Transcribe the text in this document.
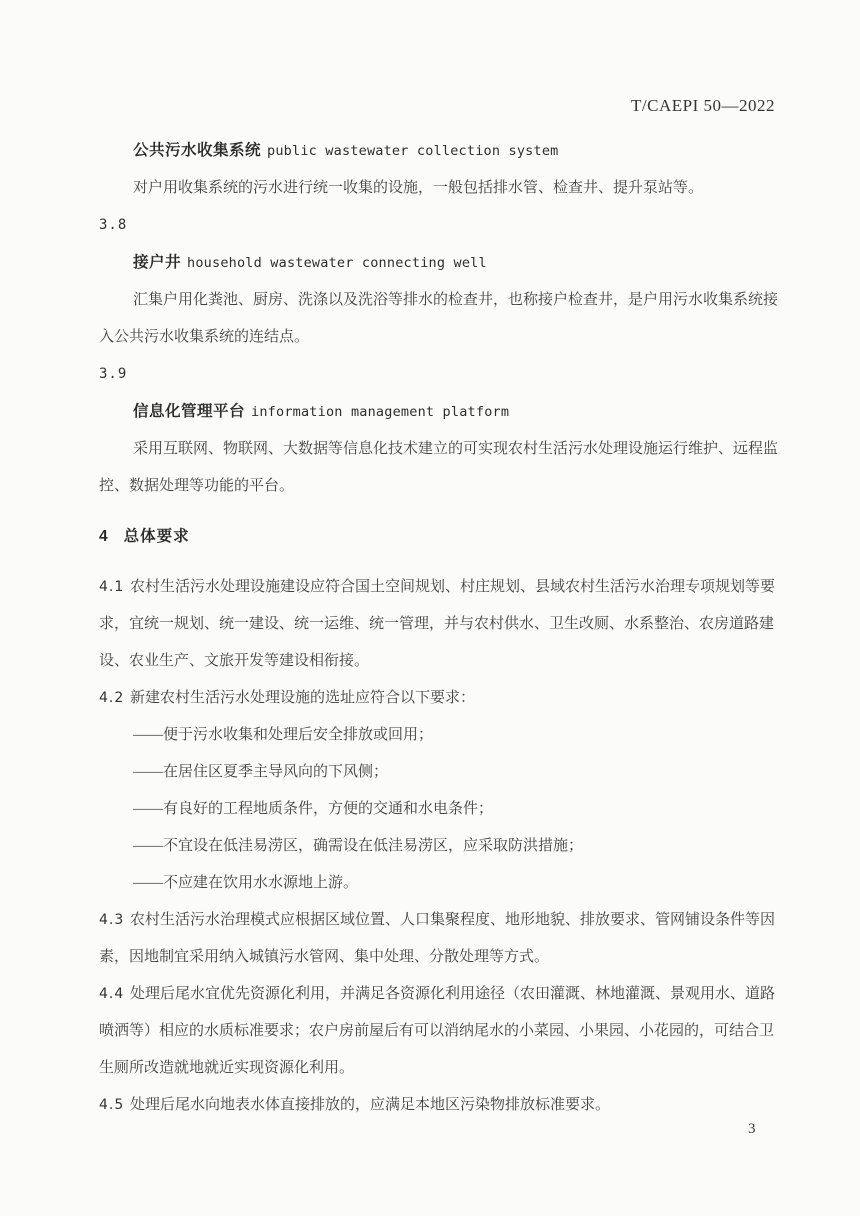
T/CAEPI 50—2022
公共污水收集系统 public wastewater collection system
对户用收集系统的污水进行统一收集的设施，一般包括排水管、检查井、提升泵站等。
3.8
接户井 household wastewater connecting well
汇集户用化粪池、厨房、洗涤以及洗浴等排水的检查井，也称接户检查井，是户用污水收集系统接
入公共污水收集系统的连结点。
3.9
信息化管理平台 information management platform
采用互联网、物联网、大数据等信息化技术建立的可实现农村生活污水处理设施运行维护、远程监
控、数据处理等功能的平台。
4 总体要求
4.1 农村生活污水处理设施建设应符合国土空间规划、村庄规划、县域农村生活污水治理专项规划等要
求，宜统一规划、统一建设、统一运维、统一管理，并与农村供水、卫生改厕、水系整治、农房道路建
设、农业生产、文旅开发等建设相衔接。
4.2 新建农村生活污水处理设施的选址应符合以下要求：
——便于污水收集和处理后安全排放或回用；
——在居住区夏季主导风向的下风侧；
——有良好的工程地质条件，方便的交通和水电条件；
——不宜设在低洼易涝区，确需设在低洼易涝区，应采取防洪措施；
——不应建在饮用水水源地上游。
4.3 农村生活污水治理模式应根据区域位置、人口集聚程度、地形地貌、排放要求、管网铺设条件等因
素，因地制宜采用纳入城镇污水管网、集中处理、分散处理等方式。
4.4 处理后尾水宜优先资源化利用，并满足各资源化利用途径（农田灌溉、林地灌溉、景观用水、道路
喷洒等）相应的水质标准要求；农户房前屋后有可以消纳尾水的小菜园、小果园、小花园的，可结合卫
生厕所改造就地就近实现资源化利用。
4.5 处理后尾水向地表水体直接排放的，应满足本地区污染物排放标准要求。
3
